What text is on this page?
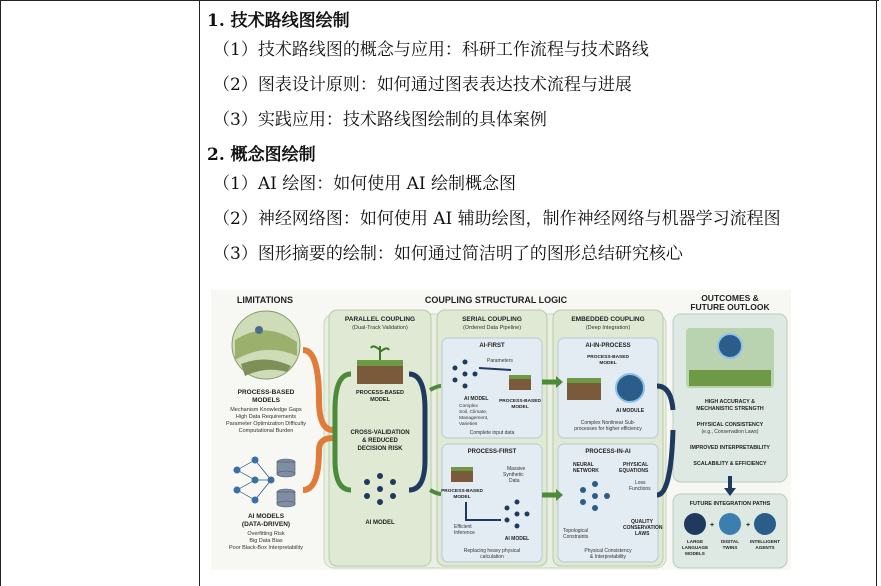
1. 技术路线图绘制
（1）技术路线图的概念与应用：科研工作流程与技术路线
（2）图表设计原则：如何通过图表表达技术流程与进展
（3）实践应用：技术路线图绘制的具体案例
2. 概念图绘制
（1）AI 绘图：如何使用 AI 绘制概念图
（2）神经网络图：如何使用 AI 辅助绘图，制作神经网络与机器学习流程图
（3）图形摘要的绘制：如何通过简洁明了的图形总结研究核心
LIMITATIONS	COUPLING STRUCTURAL LOGIC	OUTCOMES & FUTURE OUTLOOK
PROCESS-BASED
MODELS
Mechanism Knowledge Gaps
High Data Requirements
Parameter Optimization Difficulty
Computational Burden
AI MODELS
(DATA-DRIVEN)
Overfitting Risk
Big Data Bias
Poor Black-Box Interpretability
PARALLEL COUPLING
(Dual-Track Validation)
PROCESS-BASED
MODEL
CROSS-VALIDATION
& REDUCED
DECISION RISK
AI MODEL
SERIAL COUPLING
(Ordered Data Pipeline)
AI-FIRST
Parameters
AI MODEL
Complex
Soil, Climate,
Management,
Varieties
PROCESS-BASED
MODEL
Complete input data
PROCESS-FIRST
Massive
Synthetic
Data
PROCESS-BASED
MODEL
Efficient
Inference
AI MODEL
Replacing heavy physical
calculation
EMBEDDED COUPLING
(Deep Integration)
AI-IN-PROCESS
PROCESS-BASED
MODEL
AI MODULE
Complex Nonlinear Sub-
processes for higher efficiency
PROCESS-IN-AI
NEURAL
NETWORK
PHYSICAL
EQUATIONS
Loss
Functions
QUALITY
CONSERVATION
LAWS
Topological
Constraints
Physical Consistency
& Interpretability
HIGH ACCURACY &
MECHANISTIC STRENGTH
PHYSICAL CONSISTENCY
(e.g., Conservation Laws)
IMPROVED INTERPRETABILITY
SCALABILITY & EFFICIENCY
FUTURE INTEGRATION PATHS
+	+
LARGE
LANGUAGE
MODELS
DIGITAL
TWINS
INTELLIGENT
AGENTS
